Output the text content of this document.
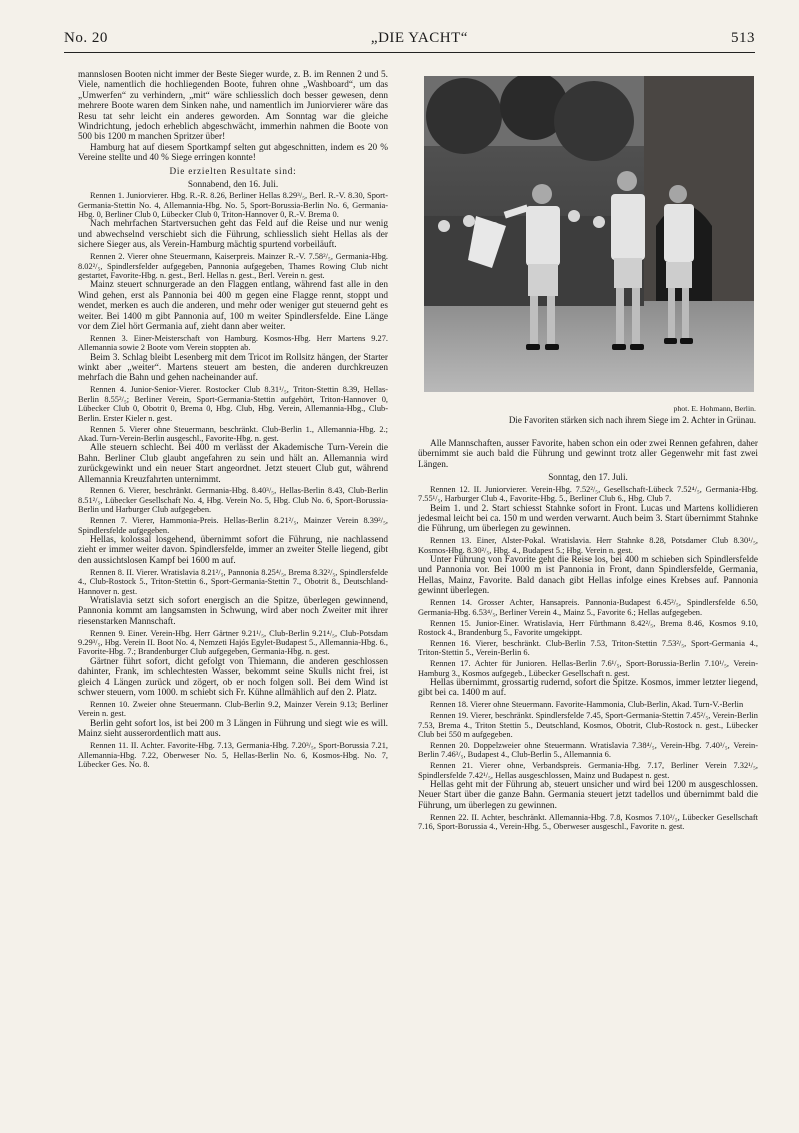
No. 20	„DIE YACHT“	513

mannslosen Booten nicht immer der Beste Sieger wurde, z. B. im Rennen 2 und 5. Viele, namentlich die hochliegenden Boote, fuhren ohne „Washboard“, um das „Umwerfen“ zu verhindern, „mit“ wäre schliesslich doch besser gewesen, denn mehrere Boote waren dem Sinken nahe, und namentlich im Juniorvierer wäre das Resu tat sehr leicht ein anderes geworden. Am Sonntag war die gleiche Windrichtung, jedoch erheblich abgeschwächt, immerhin nahmen die Boote von 500 bis 1200 m manchen Spritzer über!

Hamburg hat auf diesem Sportkampf selten gut abgeschnitten, indem es 20 % Vereine stellte und 40 % Siege erringen konnte!

Die erzielten Resultate sind:

Sonnabend, den 16. Juli.

Rennen 1. Juniorvierer. Hbg. R.-R. 8.26, Berliner Hellas 8.29³/₅, Berl. R.-V. 8.30, Sport-Germania-Stettin No. 4, Allemannia-Hbg. No. 5, Sport-Borussia-Berlin No. 6, Germania-Hbg. 0, Berliner Club 0, Lübecker Club 0, Triton-Hannover 0, R.-V. Brema 0.

Nach mehrfachen Startversuchen geht das Feld auf die Reise und nur wenig und abwechselnd verschiebt sich die Führung, schliesslich sieht Hellas als der sichere Sieger aus, als Verein-Hamburg mächtig spurtend vorbeiläuft.

Rennen 2. Vierer ohne Steuermann, Kaiserpreis. Mainzer R.-V. 7.58²/₅, Germania-Hbg. 8.02²/₅, Spindlersfelder aufgegeben, Pannonia aufgegeben, Thames Rowing Club nicht gestartet, Favorite-Hbg. n. gest., Berl. Hellas n. gest., Berl. Verein n. gest.

Mainz steuert schnurgerade an den Flaggen entlang, während fast alle in den Wind gehen, erst als Pannonia bei 400 m gegen eine Flagge rennt, stoppt und wendet, merken es auch die anderen, und mehr oder weniger gut steuernd geht es weiter. Bei 1400 m gibt Pannonia auf, 100 m weiter Spindlersfelde. Eine Länge vor dem Ziel hört Germania auf, zieht dann aber weiter.

Rennen 3. Einer-Meisterschaft von Hamburg. Kosmos-Hbg. Herr Martens 9.27. Allemannia sowie 2 Boote vom Verein stoppten ab.

Beim 3. Schlag bleibt Lesenberg mit dem Tricot im Rollsitz hängen, der Starter winkt aber „weiter“. Martens steuert am besten, die anderen durchkreuzen mehrfach die Bahn und gehen nacheinander auf.

Rennen 4. Junior-Senior-Vierer. Rostocker Club 8.31¹/₅, Triton-Stettin 8.39, Hellas-Berlin 8.55²/₅; Berliner Verein, Sport-Germania-Stettin aufgehört, Triton-Hannover 0, Lübecker Club 0, Obotrit 0, Brema 0, Hbg. Club, Hbg. Verein, Allemannia-Hbg., Club-Berlin. Erster Kieler n. gest.

Rennen 5. Vierer ohne Steuermann, beschränkt. Club-Berlin 1., Allemannia-Hbg. 2.; Akad. Turn-Verein-Berlin ausgeschl., Favorite-Hbg. n. gest.

Alle steuern schlecht. Bei 400 m verlässt der Akademische Turn-Verein die Bahn. Berliner Club glaubt angefahren zu sein und hält an. Allemannia wird zurückgewinkt und ein neuer Start angeordnet. Jetzt steuert Club gut, während Allemannia Kreuzfahrten unternimmt.

Rennen 6. Vierer, beschränkt. Germania-Hbg. 8.40³/₅, Hellas-Berlin 8.43, Club-Berlin 8.51²/₅, Lübecker Gesellschaft No. 4, Hbg. Verein No. 5, Hbg. Club No. 6, Sport-Borussia-Berlin und Harburger Club aufgegeben.

Rennen 7. Vierer, Hammonia-Preis. Hellas-Berlin 8.21²/₅, Mainzer Verein 8.39²/₅, Spindlersfelde aufgegeben.

Hellas, kolossal losgehend, übernimmt sofort die Führung, nie nachlassend zieht er immer weiter davon. Spindlersfelde, immer an zweiter Stelle liegend, gibt den aussichtslosen Kampf bei 1600 m auf.

Rennen 8. II. Vierer. Wratislavia 8.21²/₅, Pannonia 8.25⁴/₅, Brema 8.32²/₅, Spindlersfelde 4., Club-Rostock 5., Triton-Stettin 6., Sport-Germania-Stettin 7., Obotrit 8., Deutschland-Hannover n. gest.

Wratislavia setzt sich sofort energisch an die Spitze, überlegen gewinnend, Pannonia kommt am langsamsten in Schwung, wird aber noch Zweiter mit ihrer riesenstarken Mannschaft.

Rennen 9. Einer. Verein-Hbg. Herr Gärtner 9.21¹/₅, Club-Berlin 9.21⁴/₅, Club-Potsdam 9.29³/₅, Hbg. Verein II. Boot No. 4, Nemzeti Hajós Egylet-Budapest 5., Allemannia-Hbg. 6., Favorite-Hbg. 7.; Brandenburger Club aufgegeben, Germania-Hbg. n. gest.

Gärtner führt sofort, dicht gefolgt von Thiemann, die anderen geschlossen dahinter, Frank, im schlechtesten Wasser, bekommt seine Skulls nicht frei, ist gleich 4 Längen zurück und zögert, ob er noch folgen soll. Bei dem Wind ist schwer steuern, vom 1000. m schiebt sich Fr. Kühne allmählich auf den 2. Platz.

Rennen 10. Zweier ohne Steuermann. Club-Berlin 9.2, Mainzer Verein 9.13; Berliner Verein n. gest.

Berlin geht sofort los, ist bei 200 m 3 Längen in Führung und siegt wie es will. Mainz sieht ausserordentlich matt aus.

Rennen 11. II. Achter. Favorite-Hbg. 7.13, Germania-Hbg. 7.20³/₅, Sport-Borussia 7.21, Allemannia-Hbg. 7.22, Oberweser No. 5, Hellas-Berlin No. 6, Kosmos-Hbg. No. 7, Lübecker Ges. No. 8.

phot. E. Hohmann, Berlin.
Die Favoriten stärken sich nach ihrem Siege im 2. Achter in Grünau.

Alle Mannschaften, ausser Favorite, haben schon ein oder zwei Rennen gefahren, daher übernimmt sie auch bald die Führung und gewinnt trotz aller Gegenwehr mit fast zwei Längen.

Sonntag, den 17. Juli.

Rennen 12. II. Juniorvierer. Verein-Hbg. 7.52²/₅, Gesellschaft-Lübeck 7.52⁴/₅, Germania-Hbg. 7.55¹/₅, Harburger Club 4., Favorite-Hbg. 5., Berliner Club 6., Hbg. Club 7.

Beim 1. und 2. Start schiesst Stahnke sofort in Front. Lucas und Martens kollidieren jedesmal leicht bei ca. 150 m und werden verwarnt. Auch beim 3. Start übernimmt Stahnke die Führung, um überlegen zu gewinnen.

Rennen 13. Einer, Alster-Pokal. Wratislavia. Herr Stahnke 8.28, Potsdamer Club 8.30¹/₅, Kosmos-Hbg. 8.30²/₅, Hbg. 4., Budapest 5.; Hbg. Verein n. gest.

Unter Führung von Favorite geht die Reise los, bei 400 m schieben sich Spindlersfelde und Pannonia vor. Bei 1000 m ist Pannonia in Front, dann Spindlersfelde, Germania, Hellas, Mainz, Favorite. Bald danach gibt Hellas infolge eines Krebses auf. Pannonia gewinnt überlegen.

Rennen 14. Grosser Achter, Hansapreis. Pannonia-Budapest 6.45²/₅, Spindlersfelde 6.50, Germania-Hbg. 6.53⁴/₅, Berliner Verein 4., Mainz 5., Favorite 6.; Hellas aufgegeben.

Rennen 15. Junior-Einer. Wratislavia, Herr Fürthmann 8.42²/₅, Brema 8.46, Kosmos 9.10, Rostock 4., Brandenburg 5., Favorite umgekippt.

Rennen 16. Vierer, beschränkt. Club-Berlin 7.53, Triton-Stettin 7.53²/₅, Sport-Germania 4., Triton-Stettin 5., Verein-Berlin 6.

Rennen 17. Achter für Junioren. Hellas-Berlin 7.6¹/₅, Sport-Borussia-Berlin 7.10¹/₅, Verein-Hamburg 3., Kosmos aufgegeb., Lübecker Gesellschaft n. gest.

Hellas übernimmt, grossartig rudernd, sofort die Spitze. Kosmos, immer letzter liegend, gibt bei ca. 1400 m auf.

Rennen 18. Vierer ohne Steuermann. Favorite-Hammonia, Club-Berlin, Akad. Turn-V.-Berlin

Rennen 19. Vierer, beschränkt. Spindlersfelde 7.45, Sport-Germania-Stettin 7.45²/₅, Verein-Berlin 7.53, Brema 4., Triton Stettin 5., Deutschland, Kosmos, Obotrit, Club-Rostock n. gest., Lübecker Club bei 550 m aufgegeben.

Rennen 20. Doppelzweier ohne Steuermann. Wratislavia 7.38⁴/₅, Verein-Hbg. 7.40³/₅, Verein-Berlin 7.46³/₅, Budapest 4., Club-Berlin 5., Allemannia 6.

Rennen 21. Vierer ohne, Verbandspreis. Germania-Hbg. 7.17, Berliner Verein 7.32¹/₅, Spindlersfelde 7.42¹/₅, Hellas ausgeschlossen, Mainz und Budapest n. gest.

Hellas geht mit der Führung ab, steuert unsicher und wird bei 1200 m ausgeschlossen. Neuer Start über die ganze Bahn. Germania steuert jetzt tadellos und übernimmt bald die Führung, um überlegen zu gewinnen.

Rennen 22. II. Achter, beschränkt. Allemannia-Hbg. 7.8, Kosmos 7.10²/₅, Lübecker Gesellschaft 7.16, Sport-Borussia 4., Verein-Hbg. 5., Oberweser ausgeschl., Favorite n. gest.
